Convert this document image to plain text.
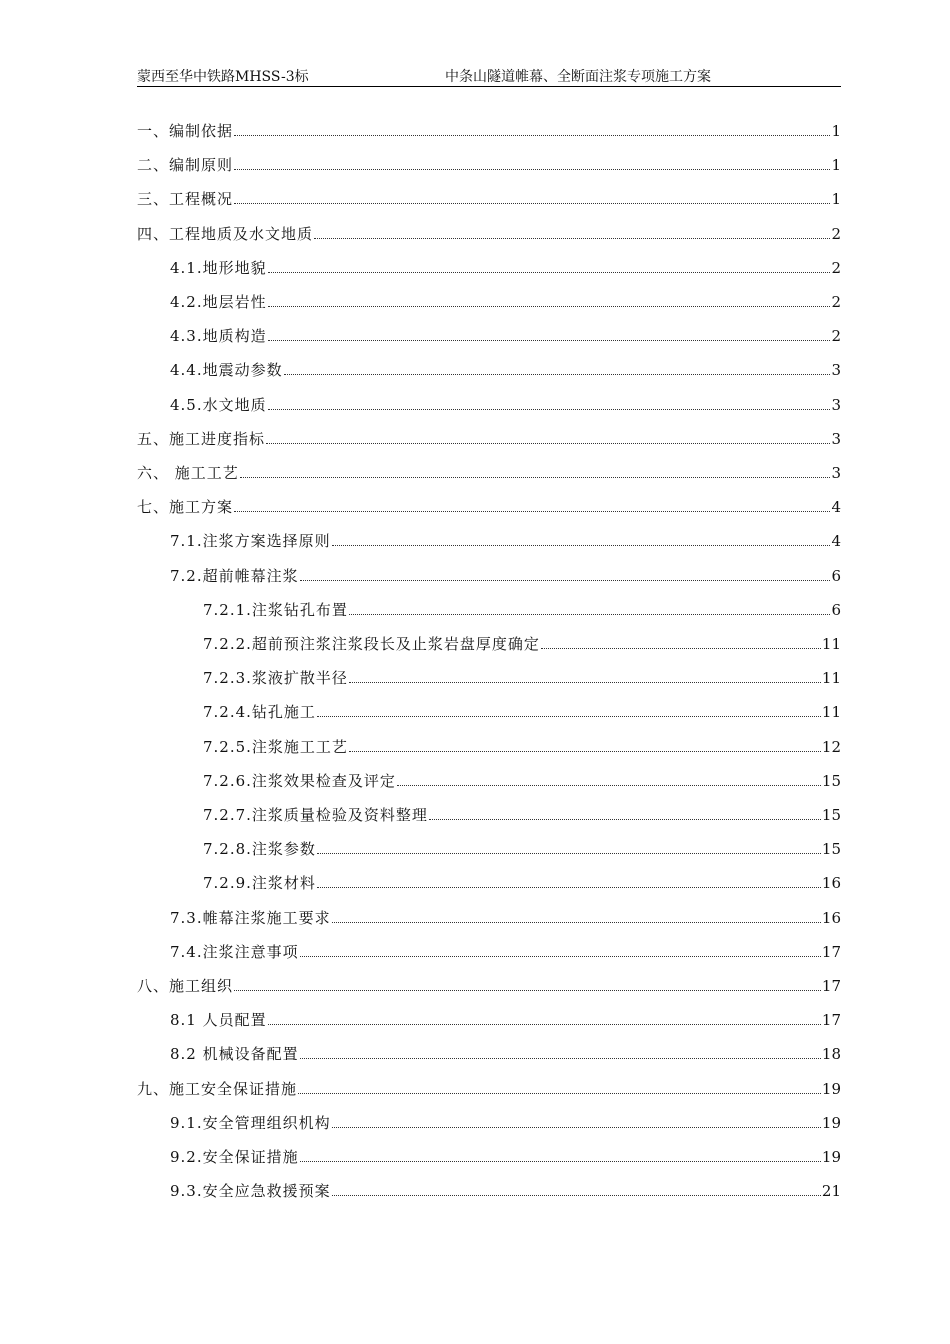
蒙西至华中铁路MHSS-3标	中条山隧道帷幕、全断面注浆专项施工方案
一、编制依据	1
二、编制原则	1
三、工程概况	1
四、工程地质及水文地质	2
4.1.地形地貌	2
4.2.地层岩性	2
4.3.地质构造	2
4.4.地震动参数	3
4.5.水文地质	3
五、施工进度指标	3
六、 施工工艺	3
七、施工方案	4
7.1.注浆方案选择原则	4
7.2.超前帷幕注浆	6
7.2.1.注浆钻孔布置	6
7.2.2.超前预注浆注浆段长及止浆岩盘厚度确定	11
7.2.3.浆液扩散半径	11
7.2.4.钻孔施工	11
7.2.5.注浆施工工艺	12
7.2.6.注浆效果检查及评定	15
7.2.7.注浆质量检验及资料整理	15
7.2.8.注浆参数	15
7.2.9.注浆材料	16
7.3.帷幕注浆施工要求	16
7.4.注浆注意事项	17
八、施工组织	17
8.1 人员配置	17
8.2 机械设备配置	18
九、施工安全保证措施	19
9.1.安全管理组织机构	19
9.2.安全保证措施	19
9.3.安全应急救援预案	21
